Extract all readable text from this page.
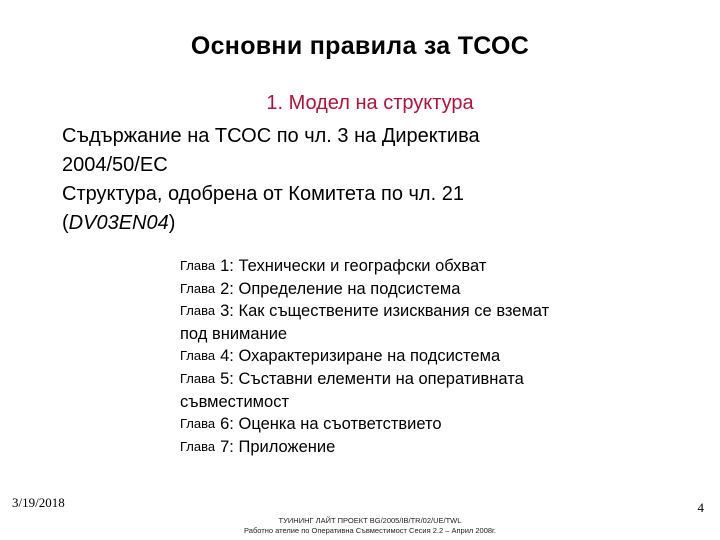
Основни правила за ТСОС
1. Модел на структура
Съдържание на ТСОС по чл. 3 на Директива
2004/50/ЕС
Структура, одобрена от Комитета по чл. 21
(DV03EN04)
Глава 1:
Технически и географски обхват
Глава 2:
Определение на подсистема
Глава 3:
Как съществените изисквания се вземат
под внимание
Глава 4:
Охарактеризиране на подсистема
Глава 5:
Съставни елементи на оперативната
съвместимост
Глава 6:
Оценка на съответствието
Глава 7:
Приложение
3/19/2018	4
ТУИНИНГ ЛАЙТ ПРОЕКТ BG/2005/IB/TR/02/UE/TWL
Работно ателие по Оперативна Съвместимост Сесия 2.2 – Април 2008г.
